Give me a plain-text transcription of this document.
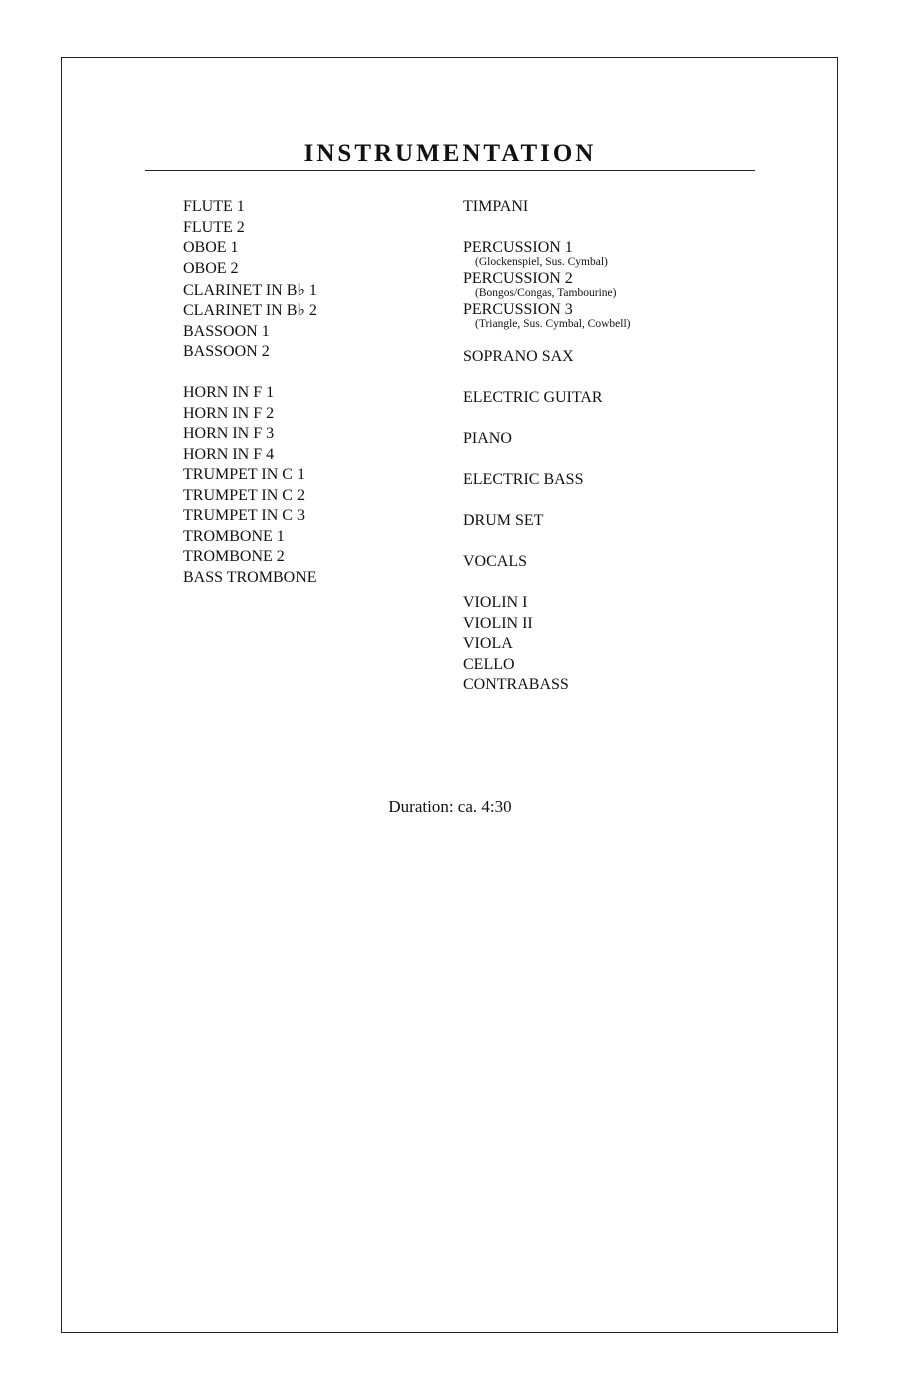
INSTRUMENTATION
FLUTE 1
FLUTE 2
OBOE 1
OBOE 2
CLARINET IN B♭ 1
CLARINET IN B♭ 2
BASSOON 1
BASSOON 2
HORN IN F 1
HORN IN F 2
HORN IN F 3
HORN IN F 4
TRUMPET IN C 1
TRUMPET IN C 2
TRUMPET IN C 3
TROMBONE 1
TROMBONE 2
BASS TROMBONE
TIMPANI
PERCUSSION 1
(Glockenspiel, Sus. Cymbal)
PERCUSSION 2
(Bongos/Congas, Tambourine)
PERCUSSION 3
(Triangle, Sus. Cymbal, Cowbell)
SOPRANO SAX
ELECTRIC GUITAR
PIANO
ELECTRIC BASS
DRUM SET
VOCALS
VIOLIN I
VIOLIN II
VIOLA
CELLO
CONTRABASS
Duration: ca. 4:30
